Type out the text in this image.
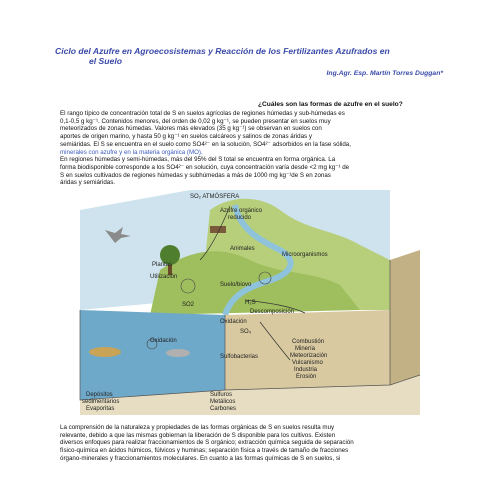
Ciclo del Azufre en Agroecosistemas y Reacción de los Fertilizantes Azufrados en
el Suelo
Ing.Agr. Esp. Martín Torres Duggan*
¿Cuáles son las formas de azufre en el suelo?
El rango típico de concentración total de S en suelos agrícolas de regiones húmedas y sub-húmedas es
0,1-0,5 g kg⁻¹. Contenidos menores, del orden de 0,02 g kg⁻¹, se pueden presentar en suelos muy
meteorizados de zonas húmedas. Valores más elevados (35 g kg⁻¹) se observan en suelos con
aportes de origen marino, y hasta 50 g kg⁻¹ en suelos calcáreos y salinos de zonas áridas y
semiáridas. El S se encuentra en el suelo como SO4²⁻ en la solución, SO4²⁻ adsorbidos en la fase sólida,
minerales con azufre y en la materia orgánica (MO).
En regiones húmedas y semi-húmedas, más del 95% del S total se encuentra en forma orgánica. La
forma biodisponible corresponde a los SO4²⁻ en solución, cuya concentración varía desde <2 mg kg⁻¹ de
S en suelos cultivados de regiones húmedas y subhúmedas a más de 1000 mg kg⁻¹de S en zonas
áridas y semiáridas.
SO₂ ATMÓSFERA
Azufre orgánico
reducido
Animales
Microorganismos
Plantas
Utilización
Suelo/biovo
SO2	H₂S
Descomposición
Oxidación
SO₄
Oxidación
Sulfobacterias
Combustión
Minería
Meteorización
Vulcanismo
Industria
Erosión
Depósitos
sedimentarios
Evaporitas
Sulfuros
Metálicos
Carbones
La comprensión de la naturaleza y propiedades de las formas orgánicas de S en suelos resulta muy
relevante, debido a que las mismas gobiernan la liberación de S disponible para los cultivos. Existen
diversos enfoques para realizar fraccionamientos de S orgánico; extracción química seguida de separación
físico-química en ácidos húmicos, fúlvicos y huminas; separación física a través de tamaño de fracciones
órgano-minerales y fraccionamientos moleculares. En cuanto a las formas químicas de S en suelos, si
